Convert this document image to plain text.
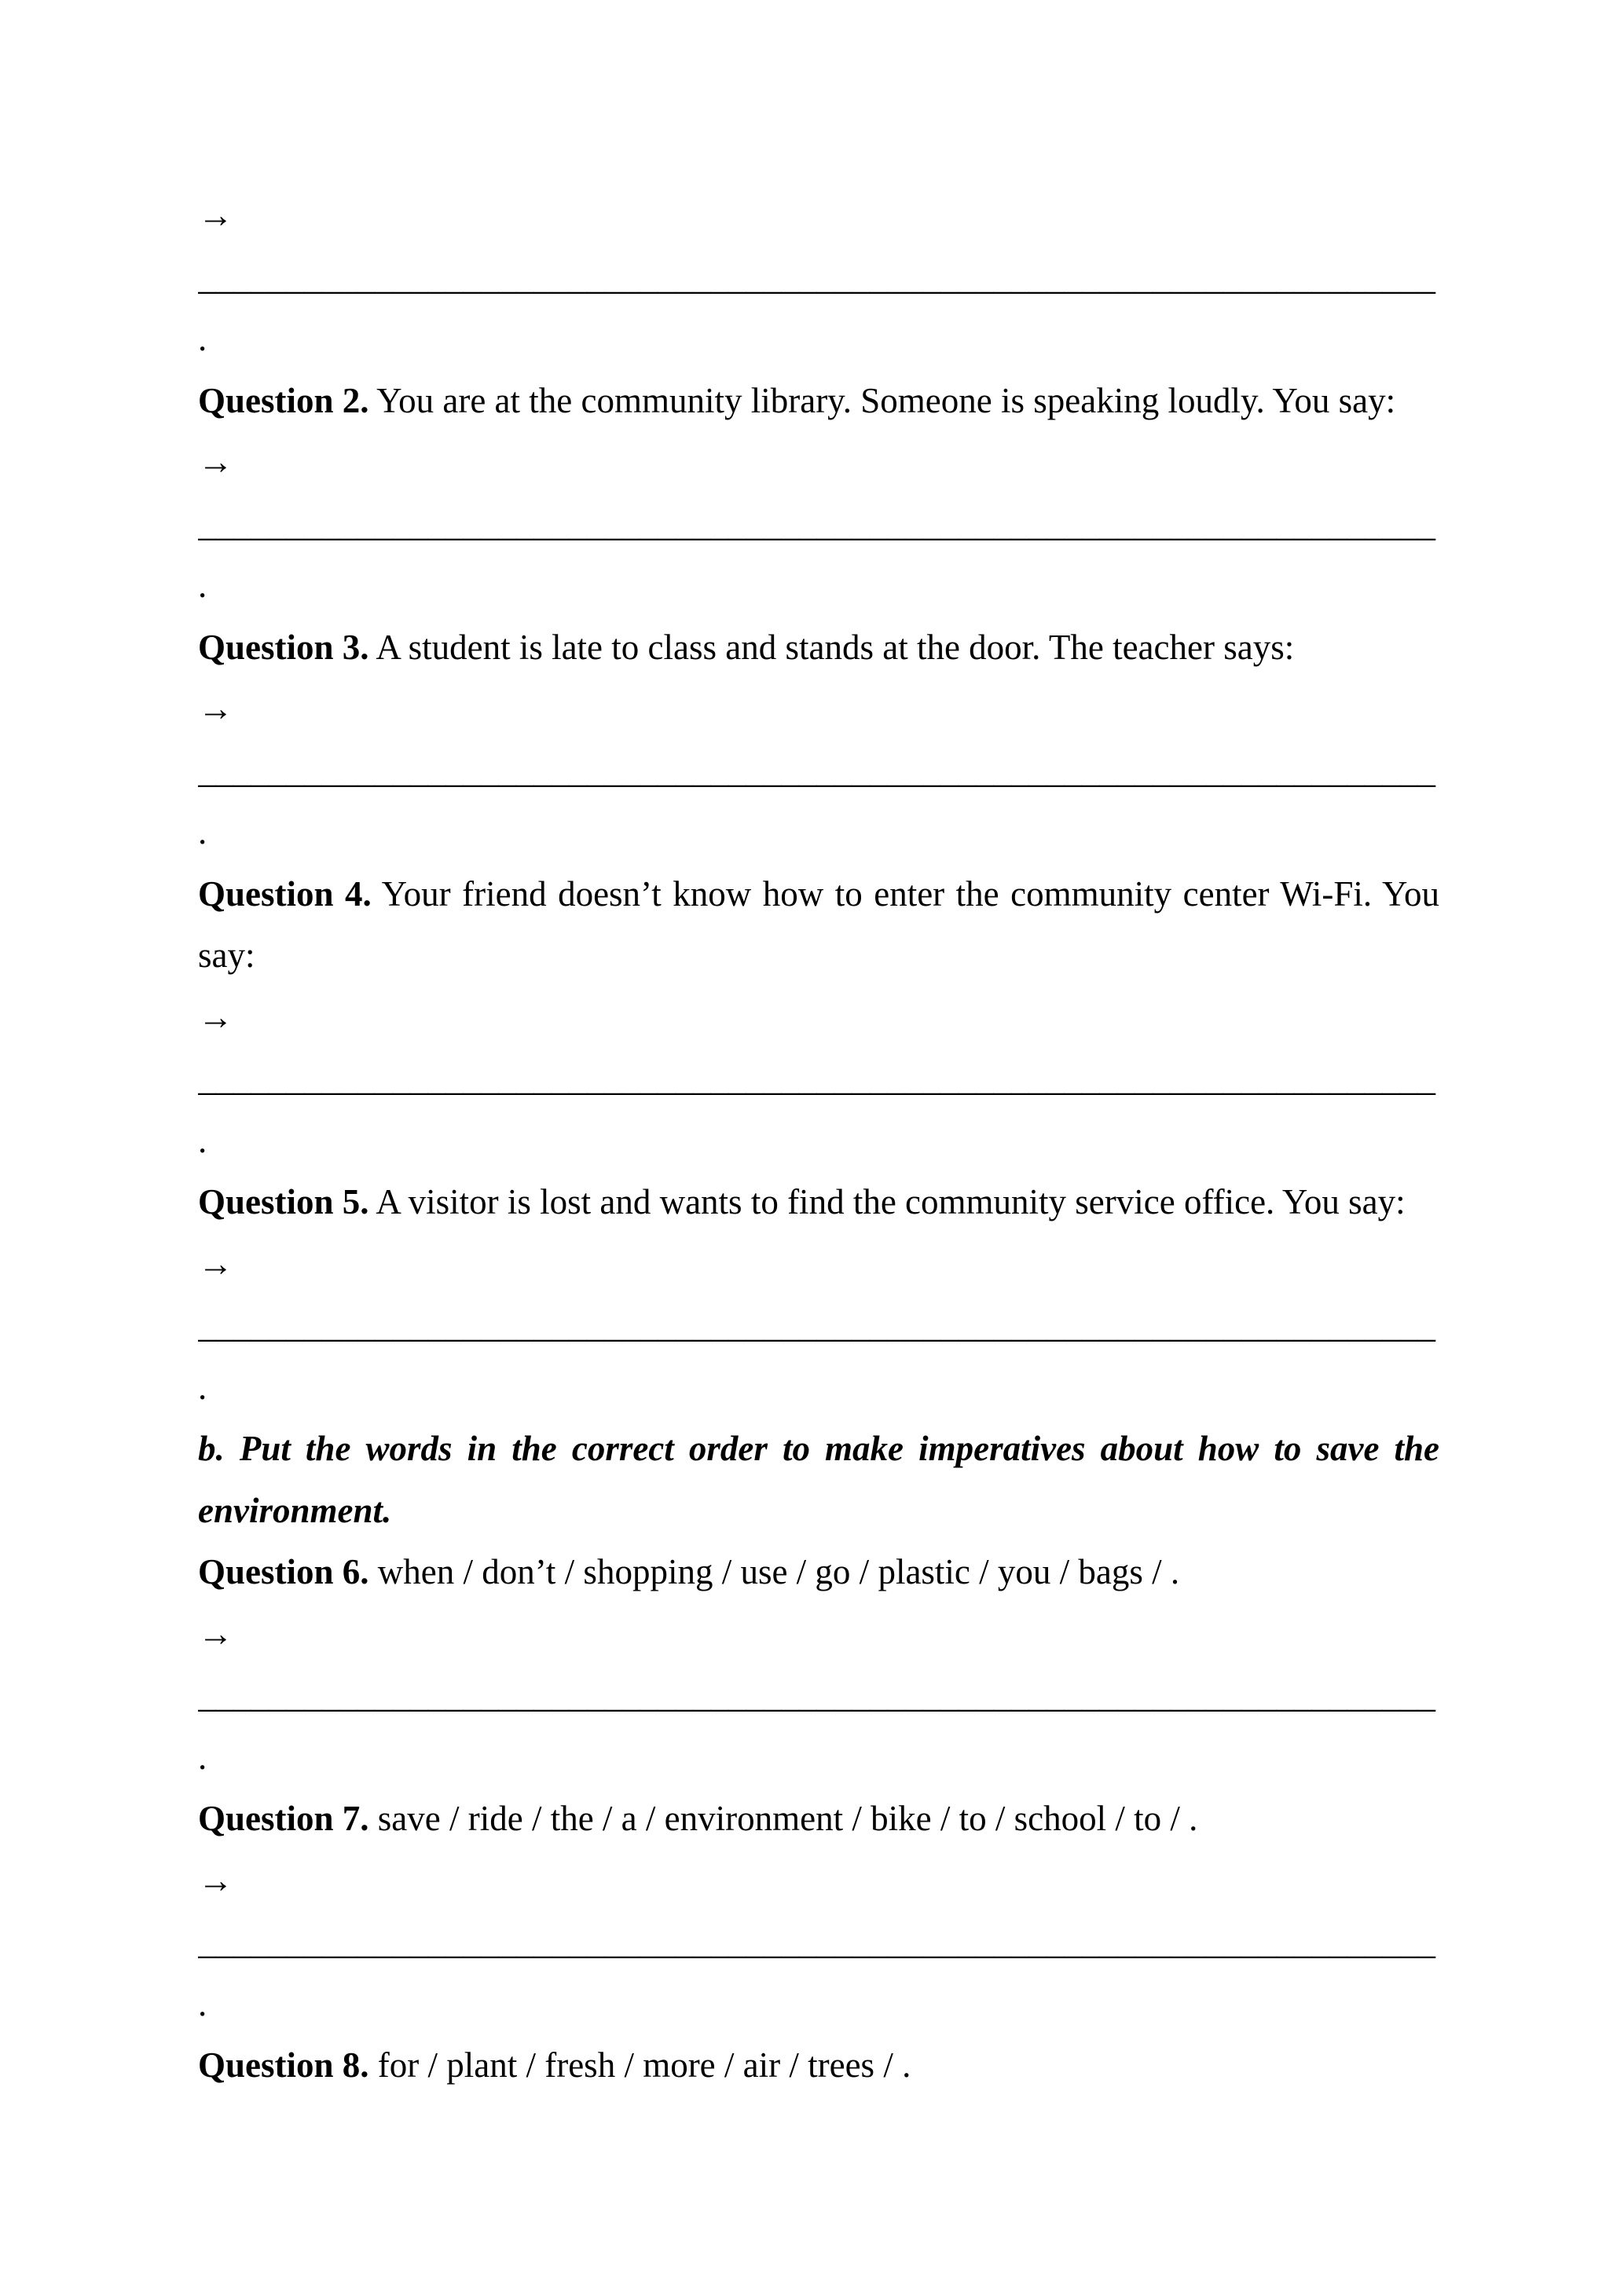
→
______________________________________________________________________
.

Question 2. You are at the community library. Someone is speaking loudly. You say:

→
______________________________________________________________________
.

Question 3. A student is late to class and stands at the door. The teacher says:

→
______________________________________________________________________
.

Question 4. Your friend doesn’t know how to enter the community center Wi-Fi. You say:

→
______________________________________________________________________
.

Question 5. A visitor is lost and wants to find the community service office. You say:

→
______________________________________________________________________
.

b. Put the words in the correct order to make imperatives about how to save the environment.

Question 6. when / don’t / shopping / use / go / plastic / you / bags / .

→
______________________________________________________________________
.

Question 7. save / ride / the / a / environment / bike / to / school / to / .

→
______________________________________________________________________
.

Question 8. for / plant / fresh / more / air / trees / .
